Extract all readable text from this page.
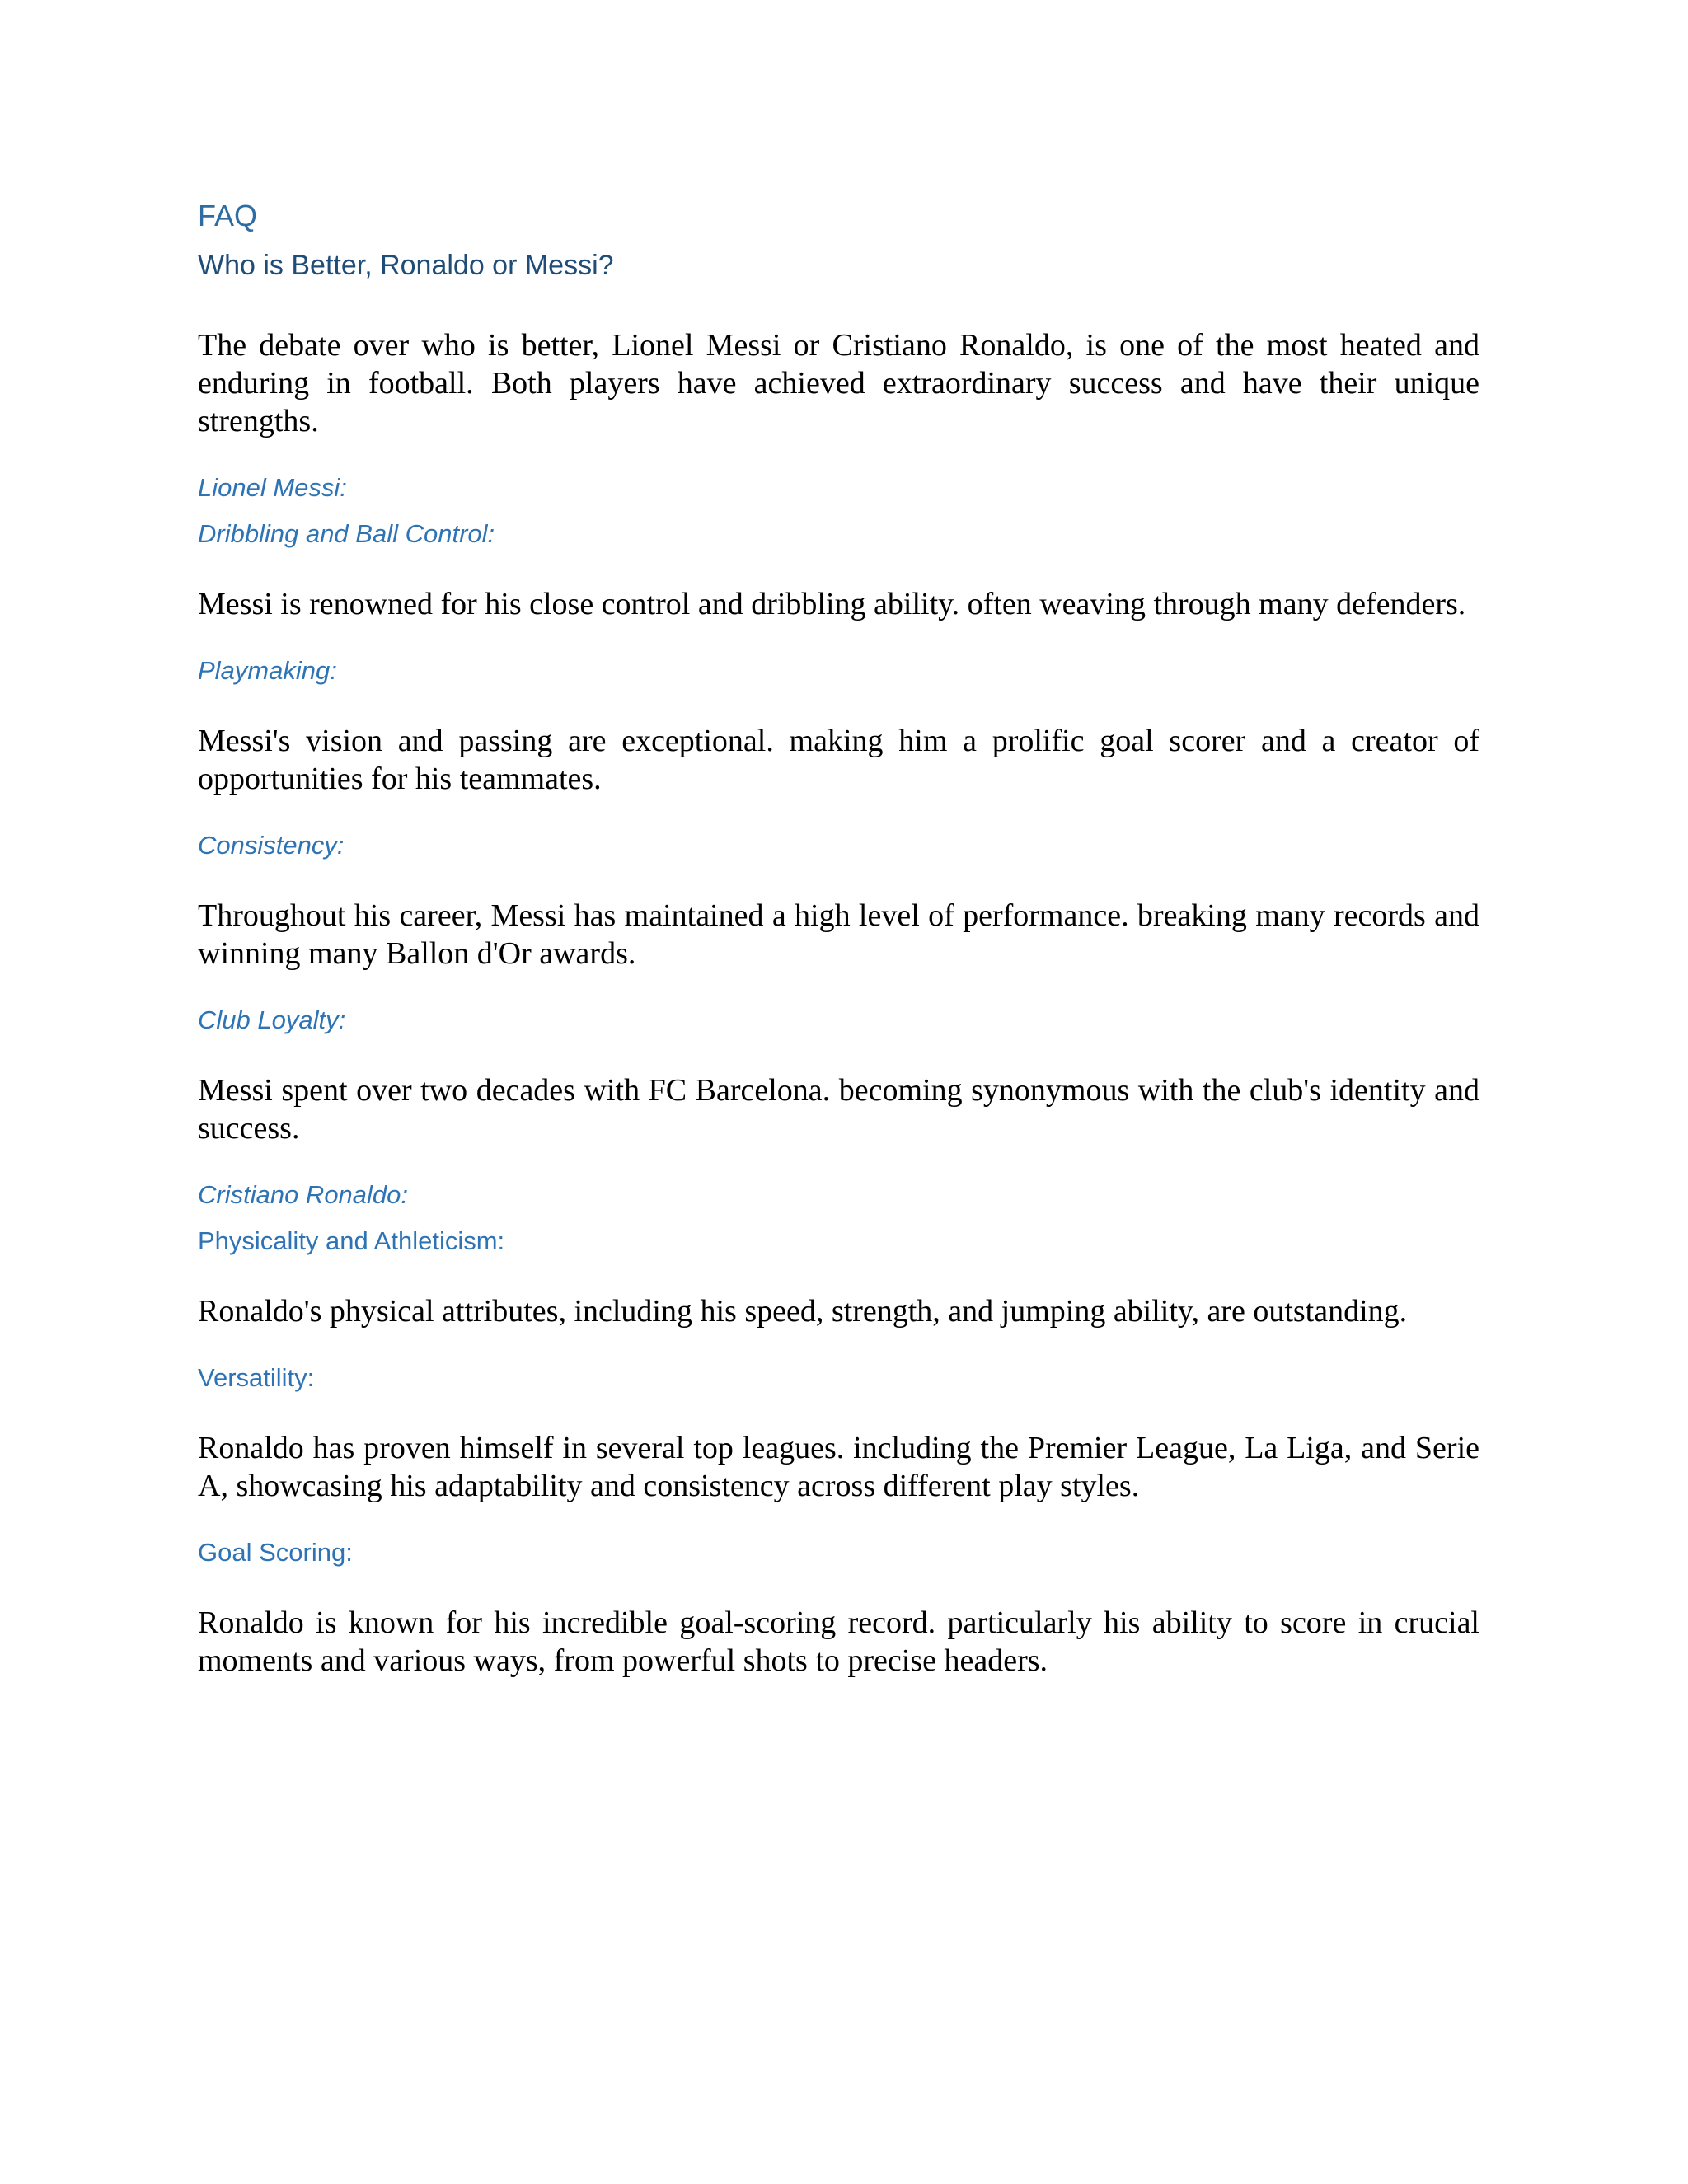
FAQ
Who is Better, Ronaldo or Messi?

The debate over who is better, Lionel Messi or Cristiano Ronaldo, is one of the most heated and enduring in football. Both players have achieved extraordinary success and have their unique strengths.

Lionel Messi:
Dribbling and Ball Control:

Messi is renowned for his close control and dribbling ability. often weaving through many defenders.

Playmaking:

Messi's vision and passing are exceptional. making him a prolific goal scorer and a creator of opportunities for his teammates.

Consistency:

Throughout his career, Messi has maintained a high level of performance. breaking many records and winning many Ballon d'Or awards.

Club Loyalty:

Messi spent over two decades with FC Barcelona. becoming synonymous with the club's identity and success.

Cristiano Ronaldo:
Physicality and Athleticism:

Ronaldo's physical attributes, including his speed, strength, and jumping ability, are outstanding.

Versatility:

Ronaldo has proven himself in several top leagues. including the Premier League, La Liga, and Serie A, showcasing his adaptability and consistency across different play styles.

Goal Scoring:

Ronaldo is known for his incredible goal-scoring record. particularly his ability to score in crucial moments and various ways, from powerful shots to precise headers.
